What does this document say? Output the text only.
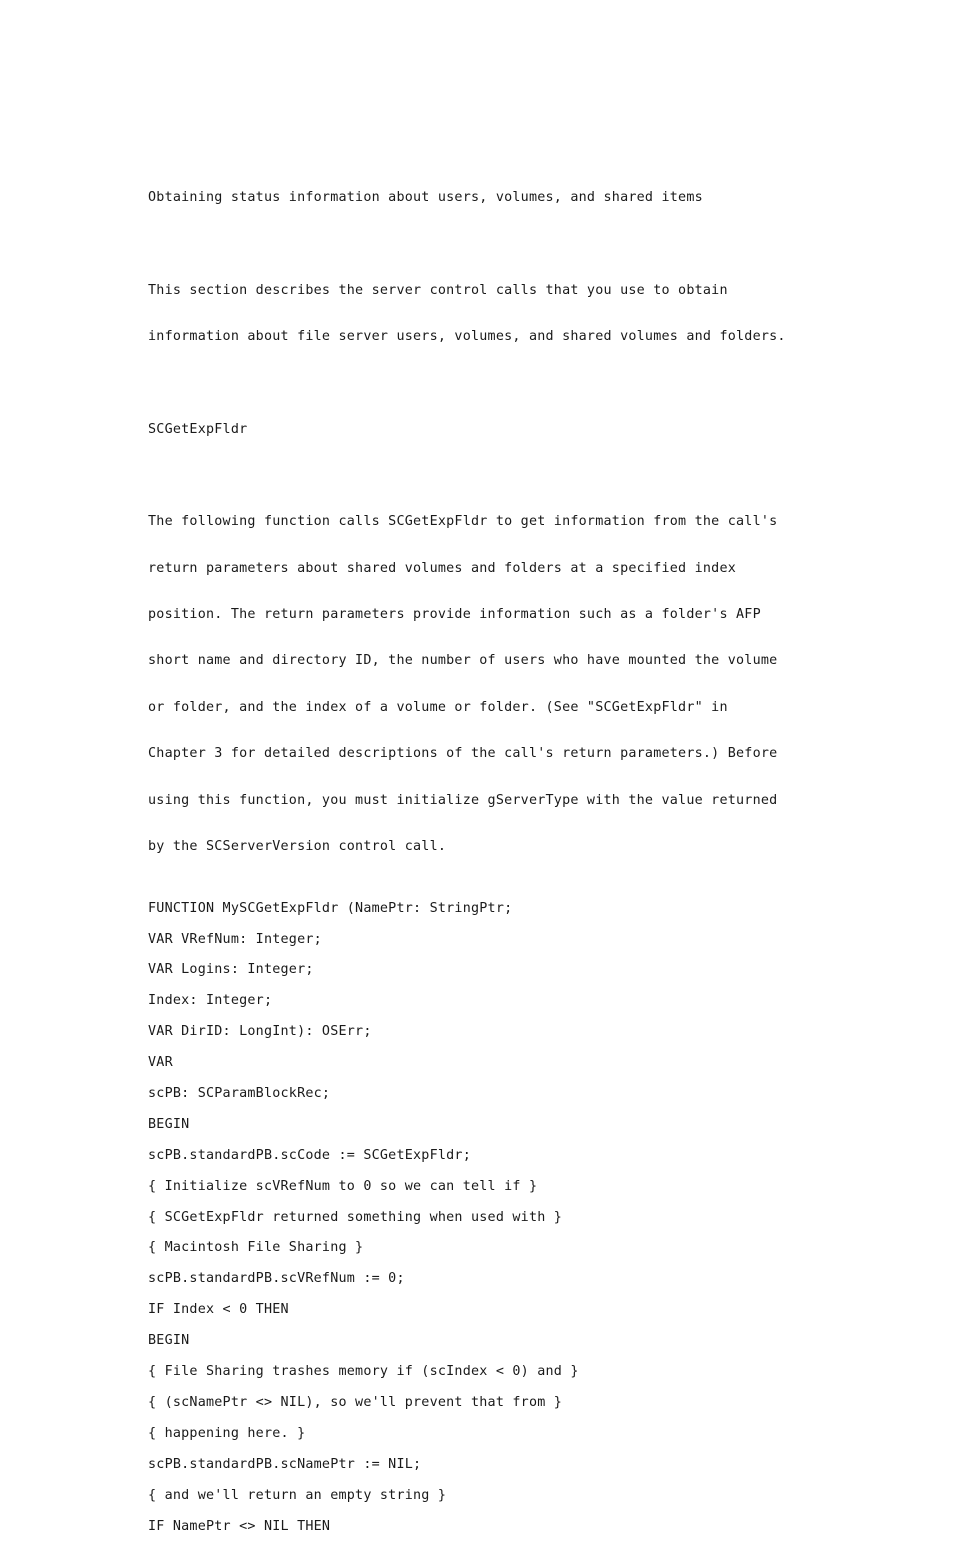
Obtaining status information about users, volumes, and shared items

This section describes the server control calls that you use to obtain

information about file server users, volumes, and shared volumes and folders.

SCGetExpFldr

The following function calls SCGetExpFldr to get information from the call's

return parameters about shared volumes and folders at a specified index

position. The return parameters provide information such as a folder's AFP

short name and directory ID, the number of users who have mounted the volume

or folder, and the index of a volume or folder. (See "SCGetExpFldr" in

Chapter 3 for detailed descriptions of the call's return parameters.) Before

using this function, you must initialize gServerType with the value returned

by the SCServerVersion control call.

FUNCTION MySCGetExpFldr (NamePtr: StringPtr;
VAR VRefNum: Integer;
VAR Logins: Integer;
Index: Integer;
VAR DirID: LongInt): OSErr;
VAR
scPB: SCParamBlockRec;
BEGIN
scPB.standardPB.scCode := SCGetExpFldr;
{ Initialize scVRefNum to 0 so we can tell if }
{ SCGetExpFldr returned something when used with }
{ Macintosh File Sharing }
scPB.standardPB.scVRefNum := 0;
IF Index < 0 THEN
BEGIN
{ File Sharing trashes memory if (scIndex < 0) and }
{ (scNamePtr <> NIL), so we'll prevent that from }
{ happening here. }
scPB.standardPB.scNamePtr := NIL;
{ and we'll return an empty string }
IF NamePtr <> NIL THEN
